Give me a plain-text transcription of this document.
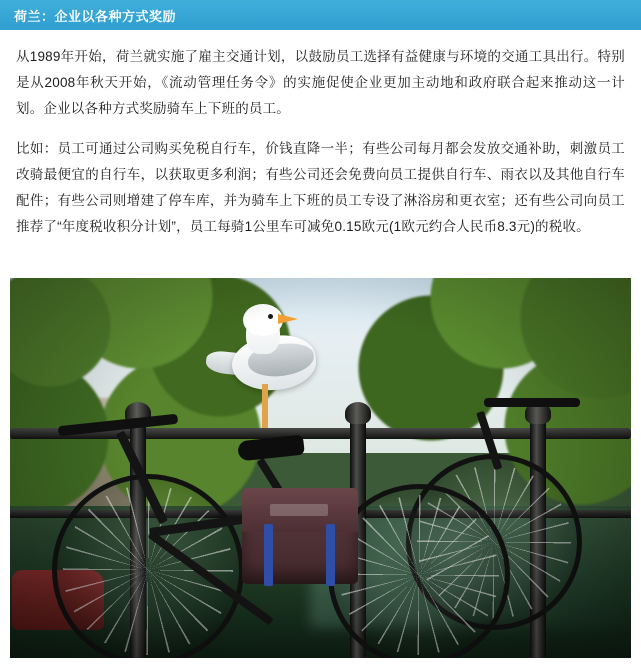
荷兰：企业以各种方式奖励

从1989年开始，荷兰就实施了雇主交通计划，以鼓励员工选择有益健康与环境的交通工具出行。特别是从2008年秋天开始，《流动管理任务令》的实施促使企业更加主动地和政府联合起来推动这一计划。企业以各种方式奖励骑车上下班的员工。

比如：员工可通过公司购买免税自行车，价钱直降一半；有些公司每月都会发放交通补助，刺激员工改骑最便宜的自行车，以获取更多利润；有些公司还会免费向员工提供自行车、雨衣以及其他自行车配件；有些公司则增建了停车库，并为骑车上下班的员工专设了淋浴房和更衣室；还有些公司向员工推荐了“年度税收积分计划”，员工每骑1公里车可减免0.15欧元(1欧元约合人民币8.3元)的税收。
